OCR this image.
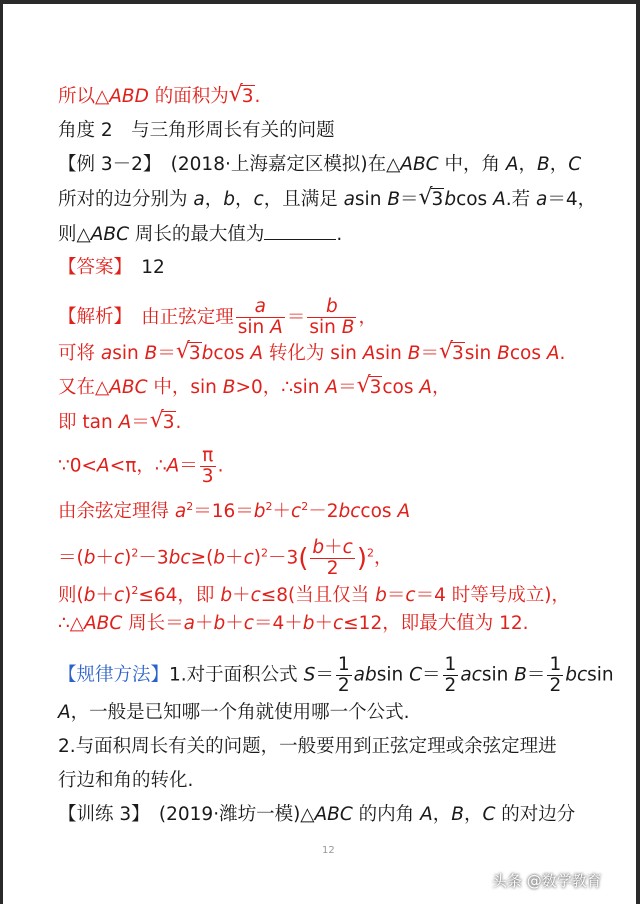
所以△ABD 的面积为 √
3.
角度 2　与三角形周长有关的问题
【例 3－2】　(2018·上海嘉定区模拟)在△ABC 中，角 A，B，C
所对的边分别为 a，b，c，且满足 asin B＝ √
3bcos A.若 a＝4，
则△ABC 周长的最大值为	.
【答案】　 12
【解析】　由正弦定理 $\frac{a}{\text{sin A}} = \frac{b}{\text{sin B}}$ ，
可将 asin B＝ √
3bcos A 转化为 sin Asin B＝ √
3sin Bcos A.
又在△ABC 中，sin B>0，∴sin A＝ √
3cos A，
即 tan A＝ √
3.
∵0<A<π，∴A＝ $\frac{\pi}{3}$ .
由余弦定理得 $a^2=16=b^2+c^2-2bccos$ A
$=(b+c)^2-3bc\ge(b+c)^2-3( \frac{b+c}{2} )^2$，
则$(b+c)^2\le 64$，即 b＋c≤8(当且仅当 b＝c＝4 时等号成立)，
∴△ABC 周长＝a＋b＋c＝4＋b＋c≤12，即最大值为 12.
【规律方法】1.对于面积公式 $S= \frac{1}{2}$ absin $C= \frac{1}{2}$ acsin $B= \frac{1}{2}$ bcsin
A，一般是已知哪一个角就使用哪一个公式.
2.与面积周长有关的问题，一般要用到正弦定理或余弦定理进
行边和角的转化.
【训练 3】　(2019·潍坊一模)△ABC 的内角 A，B，C 的对边分
12
头条 @数学教育
